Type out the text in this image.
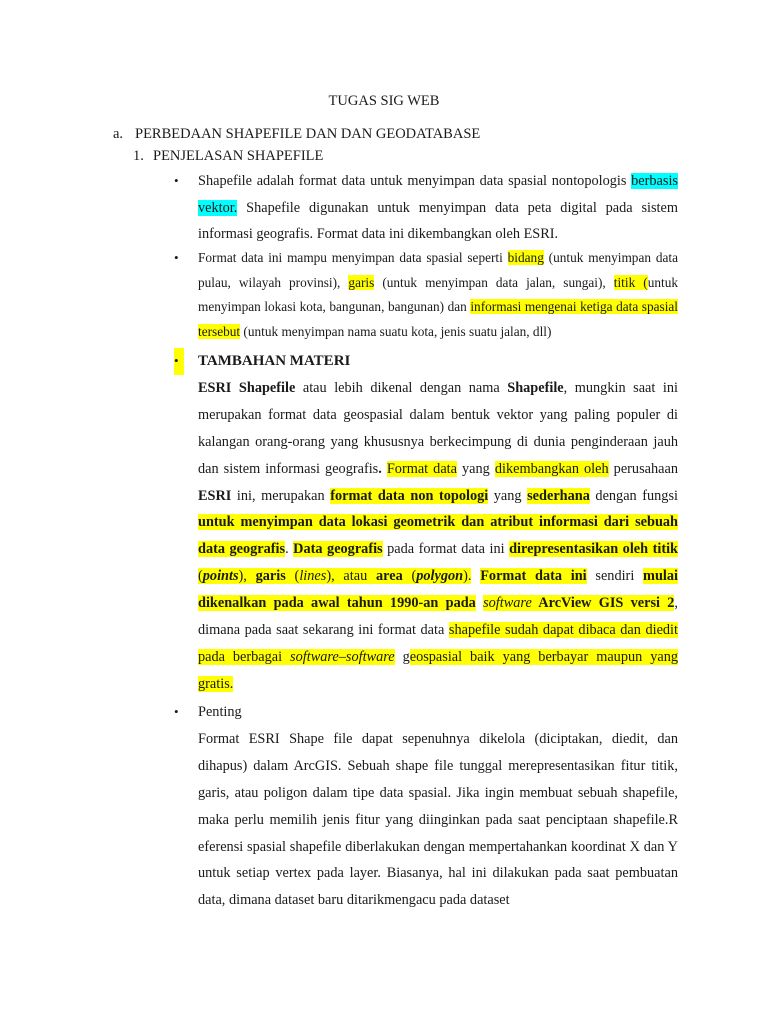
TUGAS SIG WEB
a. PERBEDAAN SHAPEFILE DAN DAN GEODATABASE
1. PENJELASAN SHAPEFILE
•	Shapefile adalah format data untuk menyimpan data spasial nontopologis berbasis vektor. Shapefile digunakan untuk menyimpan data peta digital pada sistem informasi geografis. Format data ini dikembangkan oleh ESRI.
•	Format data ini mampu menyimpan data spasial seperti bidang (untuk menyimpan data pulau, wilayah provinsi), garis (untuk menyimpan data jalan, sungai), titik (untuk menyimpan lokasi kota, bangunan, bangunan) dan informasi mengenai ketiga data spasial tersebut (untuk menyimpan nama suatu kota, jenis suatu jalan, dll)
•	TAMBAHAN MATERI
ESRI Shapefile atau lebih dikenal dengan nama Shapefile, mungkin saat ini merupakan format data geospasial dalam bentuk vektor yang paling populer di kalangan orang-orang yang khususnya berkecimpung di dunia penginderaan jauh dan sistem informasi geografis. Format data yang dikembangkan oleh perusahaan ESRI ini, merupakan format data non topologi yang sederhana dengan fungsi untuk menyimpan data lokasi geometrik dan atribut informasi dari sebuah data geografis. Data geografis pada format data ini direpresentasikan oleh titik (points), garis (lines), atau area (polygon). Format data ini sendiri mulai dikenalkan pada awal tahun 1990-an pada software ArcView GIS versi 2, dimana pada saat sekarang ini format data shapefile sudah dapat dibaca dan diedit pada berbagai software–software geospasial baik yang berbayar maupun yang gratis.
•	Penting
Format ESRI Shape file dapat sepenuhnya dikelola (diciptakan, diedit, dan dihapus) dalam ArcGIS. Sebuah shape file tunggal merepresentasikan fitur titik, garis, atau poligon dalam tipe data spasial. Jika ingin membuat sebuah shapefile, maka perlu memilih jenis fitur yang diinginkan pada saat penciptaan shapefile.R eferensi spasial shapefile diberlakukan dengan mempertahankan koordinat X dan Y untuk setiap vertex pada layer. Biasanya, hal ini dilakukan pada saat pembuatan data, dimana dataset baru ditarikmengacu pada dataset
